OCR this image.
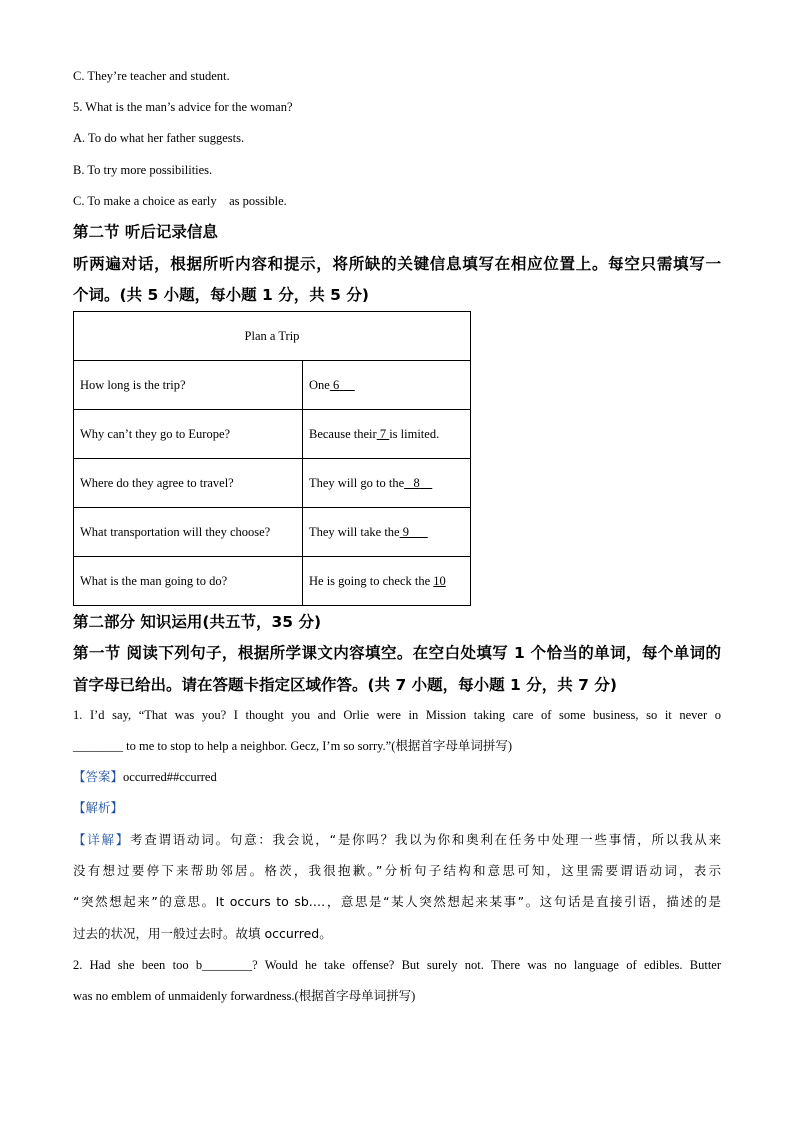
C. They’re teacher and student.
5. What is the man’s advice for the woman?
A. To do what her father suggests.
B. To try more possibilities.
C. To make a choice as early    as possible.
第二节 听后记录信息
听两遍对话，根据所听内容和提示，将所缺的关键信息填写在相应位置上。每空只需填写一
个词。(共 5 小题，每小题 1 分，共 5 分)
Plan a Trip	
How long is the trip?	One 6
Why can’t they go to Europe?	Because their 7 is limited.
Where do they agree to travel?	They will go to the 8
What transportation will they choose?	They will take the 9
What is the man going to do?	He is going to check the 10
第二部分 知识运用(共五节，35 分)
第一节 阅读下列句子，根据所学课文内容填空。在空白处填写 1 个恰当的单词，每个单词的
首字母已给出。请在答题卡指定区域作答。(共 7 小题，每小题 1 分，共 7 分)
1. I’d say, “That was you? I thought you and Orlie were in Mission taking care of some business, so it never o
________ to me to stop to help a neighbor. Gecz, I’m so sorry.”(根据首字母单词拼写)
【答案】occurred##ccurred
【解析】
【详解】考查谓语动词。句意：我会说，“是你吗？我以为你和奥利在任务中处理一些事情，所以我从来
没有想过要停下来帮助邻居。格茨，我很抱歉。”分析句子结构和意思可知，这里需要谓语动词，表示
“突然想起来”的意思。It occurs to sb.…，意思是“某人突然想起来某事”。这句话是直接引语，描述的是
过去的状况，用一般过去时。故填 occurred。
2. Had she been too b________? Would he take offense? But surely not. There was no language of edibles. Butter
was no emblem of unmaidenly forwardness.(根据首字母单词拼写)
